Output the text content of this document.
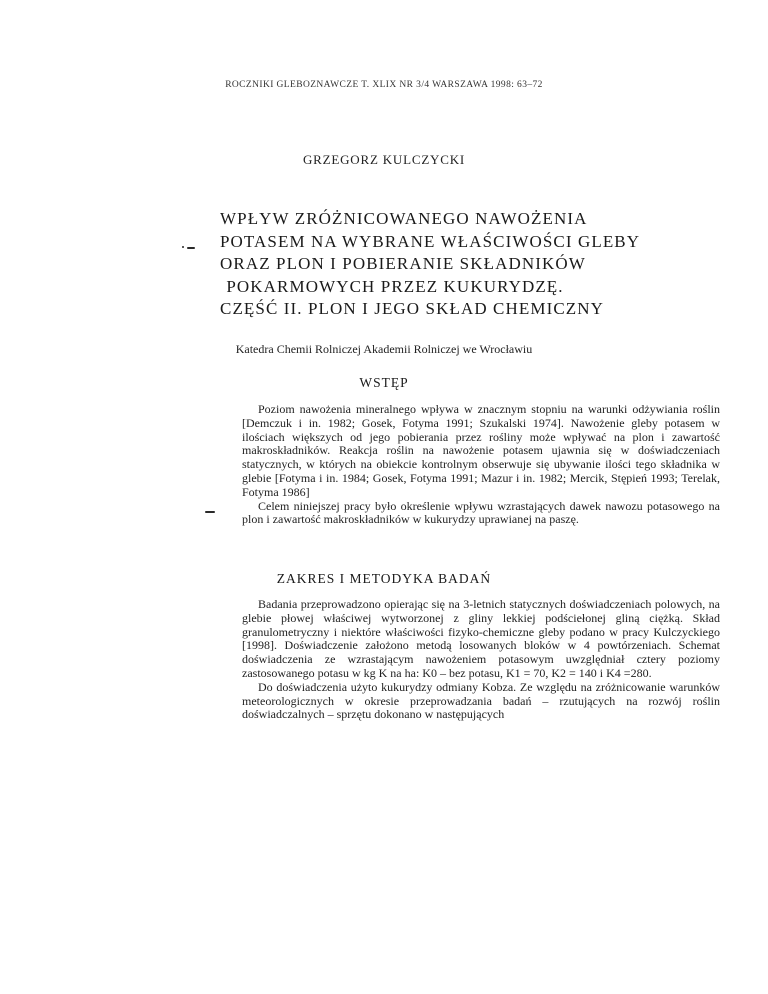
ROCZNIKI GLEBOZNAWCZE T. XLIX NR 3/4 WARSZAWA 1998: 63–72
GRZEGORZ KULCZYCKI
WPŁYW ZRÓŻNICOWANEGO NAWOŻENIA
POTASEM NA WYBRANE WŁAŚCIWOŚCI GLEBY
ORAZ PLON I POBIERANIE SKŁADNIKÓW
POKARMOWYCH PRZEZ KUKURYDZĘ.
CZĘŚĆ II. PLON I JEGO SKŁAD CHEMICZNY
Katedra Chemii Rolniczej Akademii Rolniczej we Wrocławiu
WSTĘP

Poziom nawożenia mineralnego wpływa w znacznym stopniu na warunki odżywiania roślin [Demczuk i in. 1982; Gosek, Fotyma 1991; Szukalski 1974]. Nawożenie gleby potasem w ilościach większych od jego pobierania przez rośliny może wpływać na plon i zawartość makroskładników. Reakcja roślin na nawożenie potasem ujawnia się w doświadczeniach statycznych, w których na obiekcie kontrolnym obserwuje się ubywanie ilości tego składnika w glebie [Fotyma i in. 1984; Gosek, Fotyma 1991; Mazur i in. 1982; Mercik, Stępień 1993; Terelak, Fotyma 1986]

Celem niniejszej pracy było określenie wpływu wzrastających dawek nawozu potasowego na plon i zawartość makroskładników w kukurydzy uprawianej na paszę.

ZAKRES I METODYKA BADAŃ

Badania przeprowadzono opierając się na 3-letnich statycznych doświadczeniach polowych, na glebie płowej właściwej wytworzonej z gliny lekkiej podściełonej gliną ciężką. Skład granulometryczny i niektóre właściwości fizyko-chemiczne gleby podano w pracy Kulczyckiego [1998]. Doświadczenie założono metodą losowanych bloków w 4 powtórzeniach. Schemat doświadczenia ze wzrastającym nawożeniem potasowym uwzględniał cztery poziomy zastosowanego potasu w kg K na ha: K0 – bez potasu, K1 = 70, K2 = 140 i K4 =280.

Do doświadczenia użyto kukurydzy odmiany Kobza. Ze względu na zróżnicowanie warunków meteorologicznych w okresie przeprowadzania badań – rzutujących na rozwój roślin doświadczalnych – sprzętu dokonano w następujących
